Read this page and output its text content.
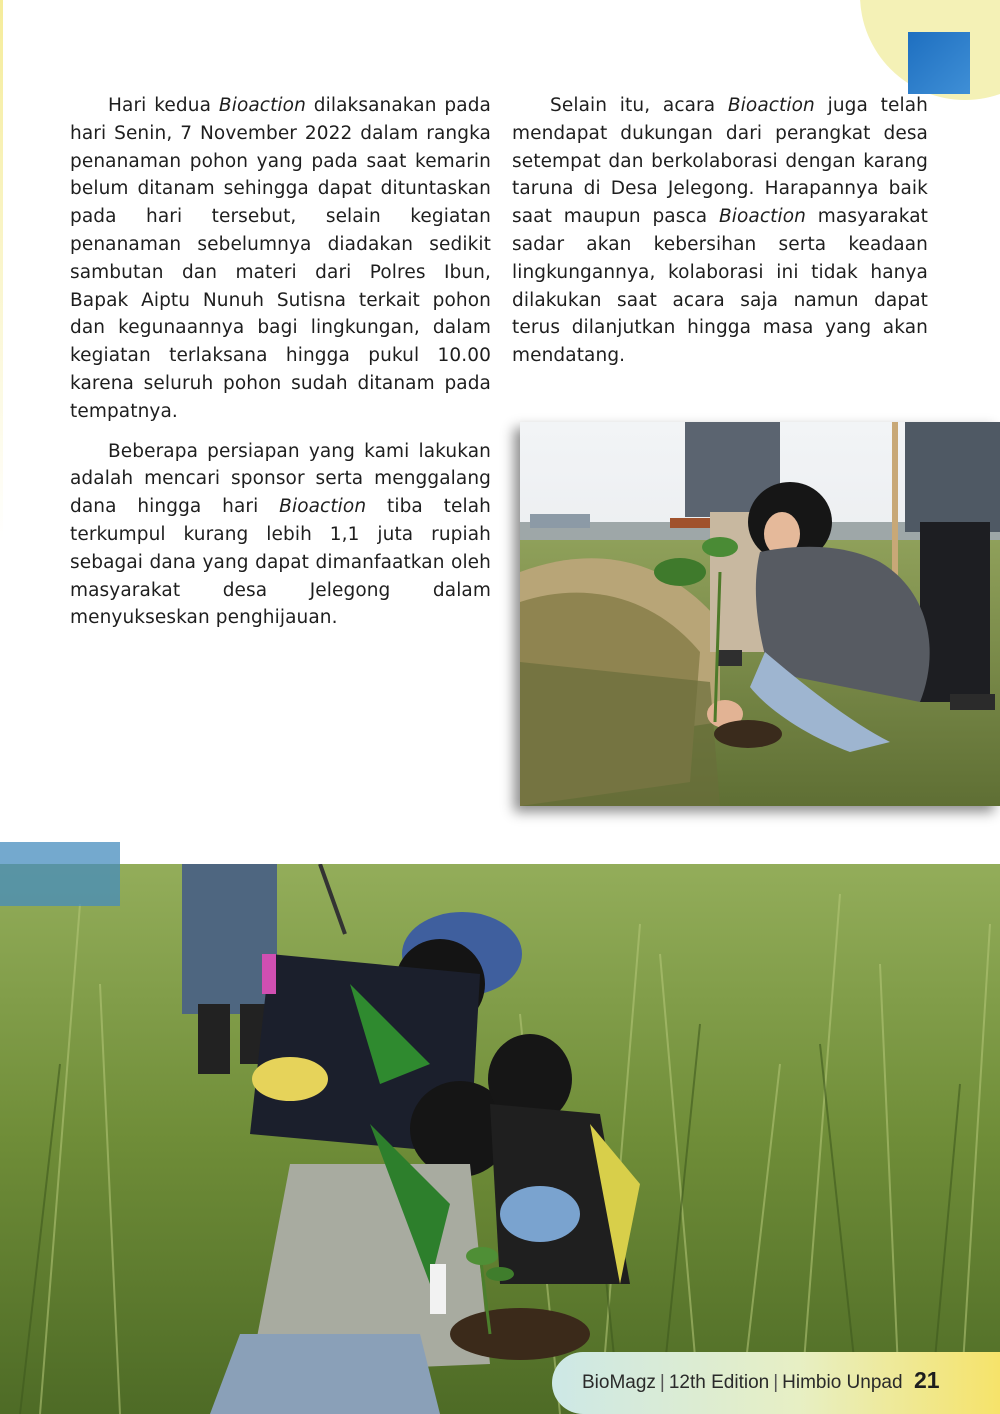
Hari kedua Bioaction dilaksanakan pada hari Senin, 7 November 2022 dalam rangka penanaman pohon yang pada saat kemarin belum ditanam sehingga dapat dituntaskan pada hari tersebut, selain kegiatan penanaman sebelumnya diadakan sedikit sambutan dan materi dari Polres Ibun, Bapak Aiptu Nunuh Sutisna terkait pohon dan kegunaannya bagi lingkungan, dalam kegiatan terlaksana hingga pukul 10.00 karena seluruh pohon sudah ditanam pada tempatnya.

Beberapa persiapan yang kami lakukan adalah mencari sponsor serta menggalang dana hingga hari Bioaction tiba telah terkumpul kurang lebih 1,1 juta rupiah sebagai dana yang dapat dimanfaatkan oleh masyarakat desa Jelegong dalam menyukseskan penghijauan.

Selain itu, acara Bioaction juga telah mendapat dukungan dari perangkat desa setempat dan berkolaborasi dengan karang taruna di Desa Jelegong. Harapannya baik saat maupun pasca Bioaction masyarakat sadar akan kebersihan serta keadaan lingkungannya, kolaborasi ini tidak hanya dilakukan saat acara saja namun dapat terus dilanjutkan hingga masa yang akan mendatang.

BioMagz | 12th Edition | Himbio Unpad 21
